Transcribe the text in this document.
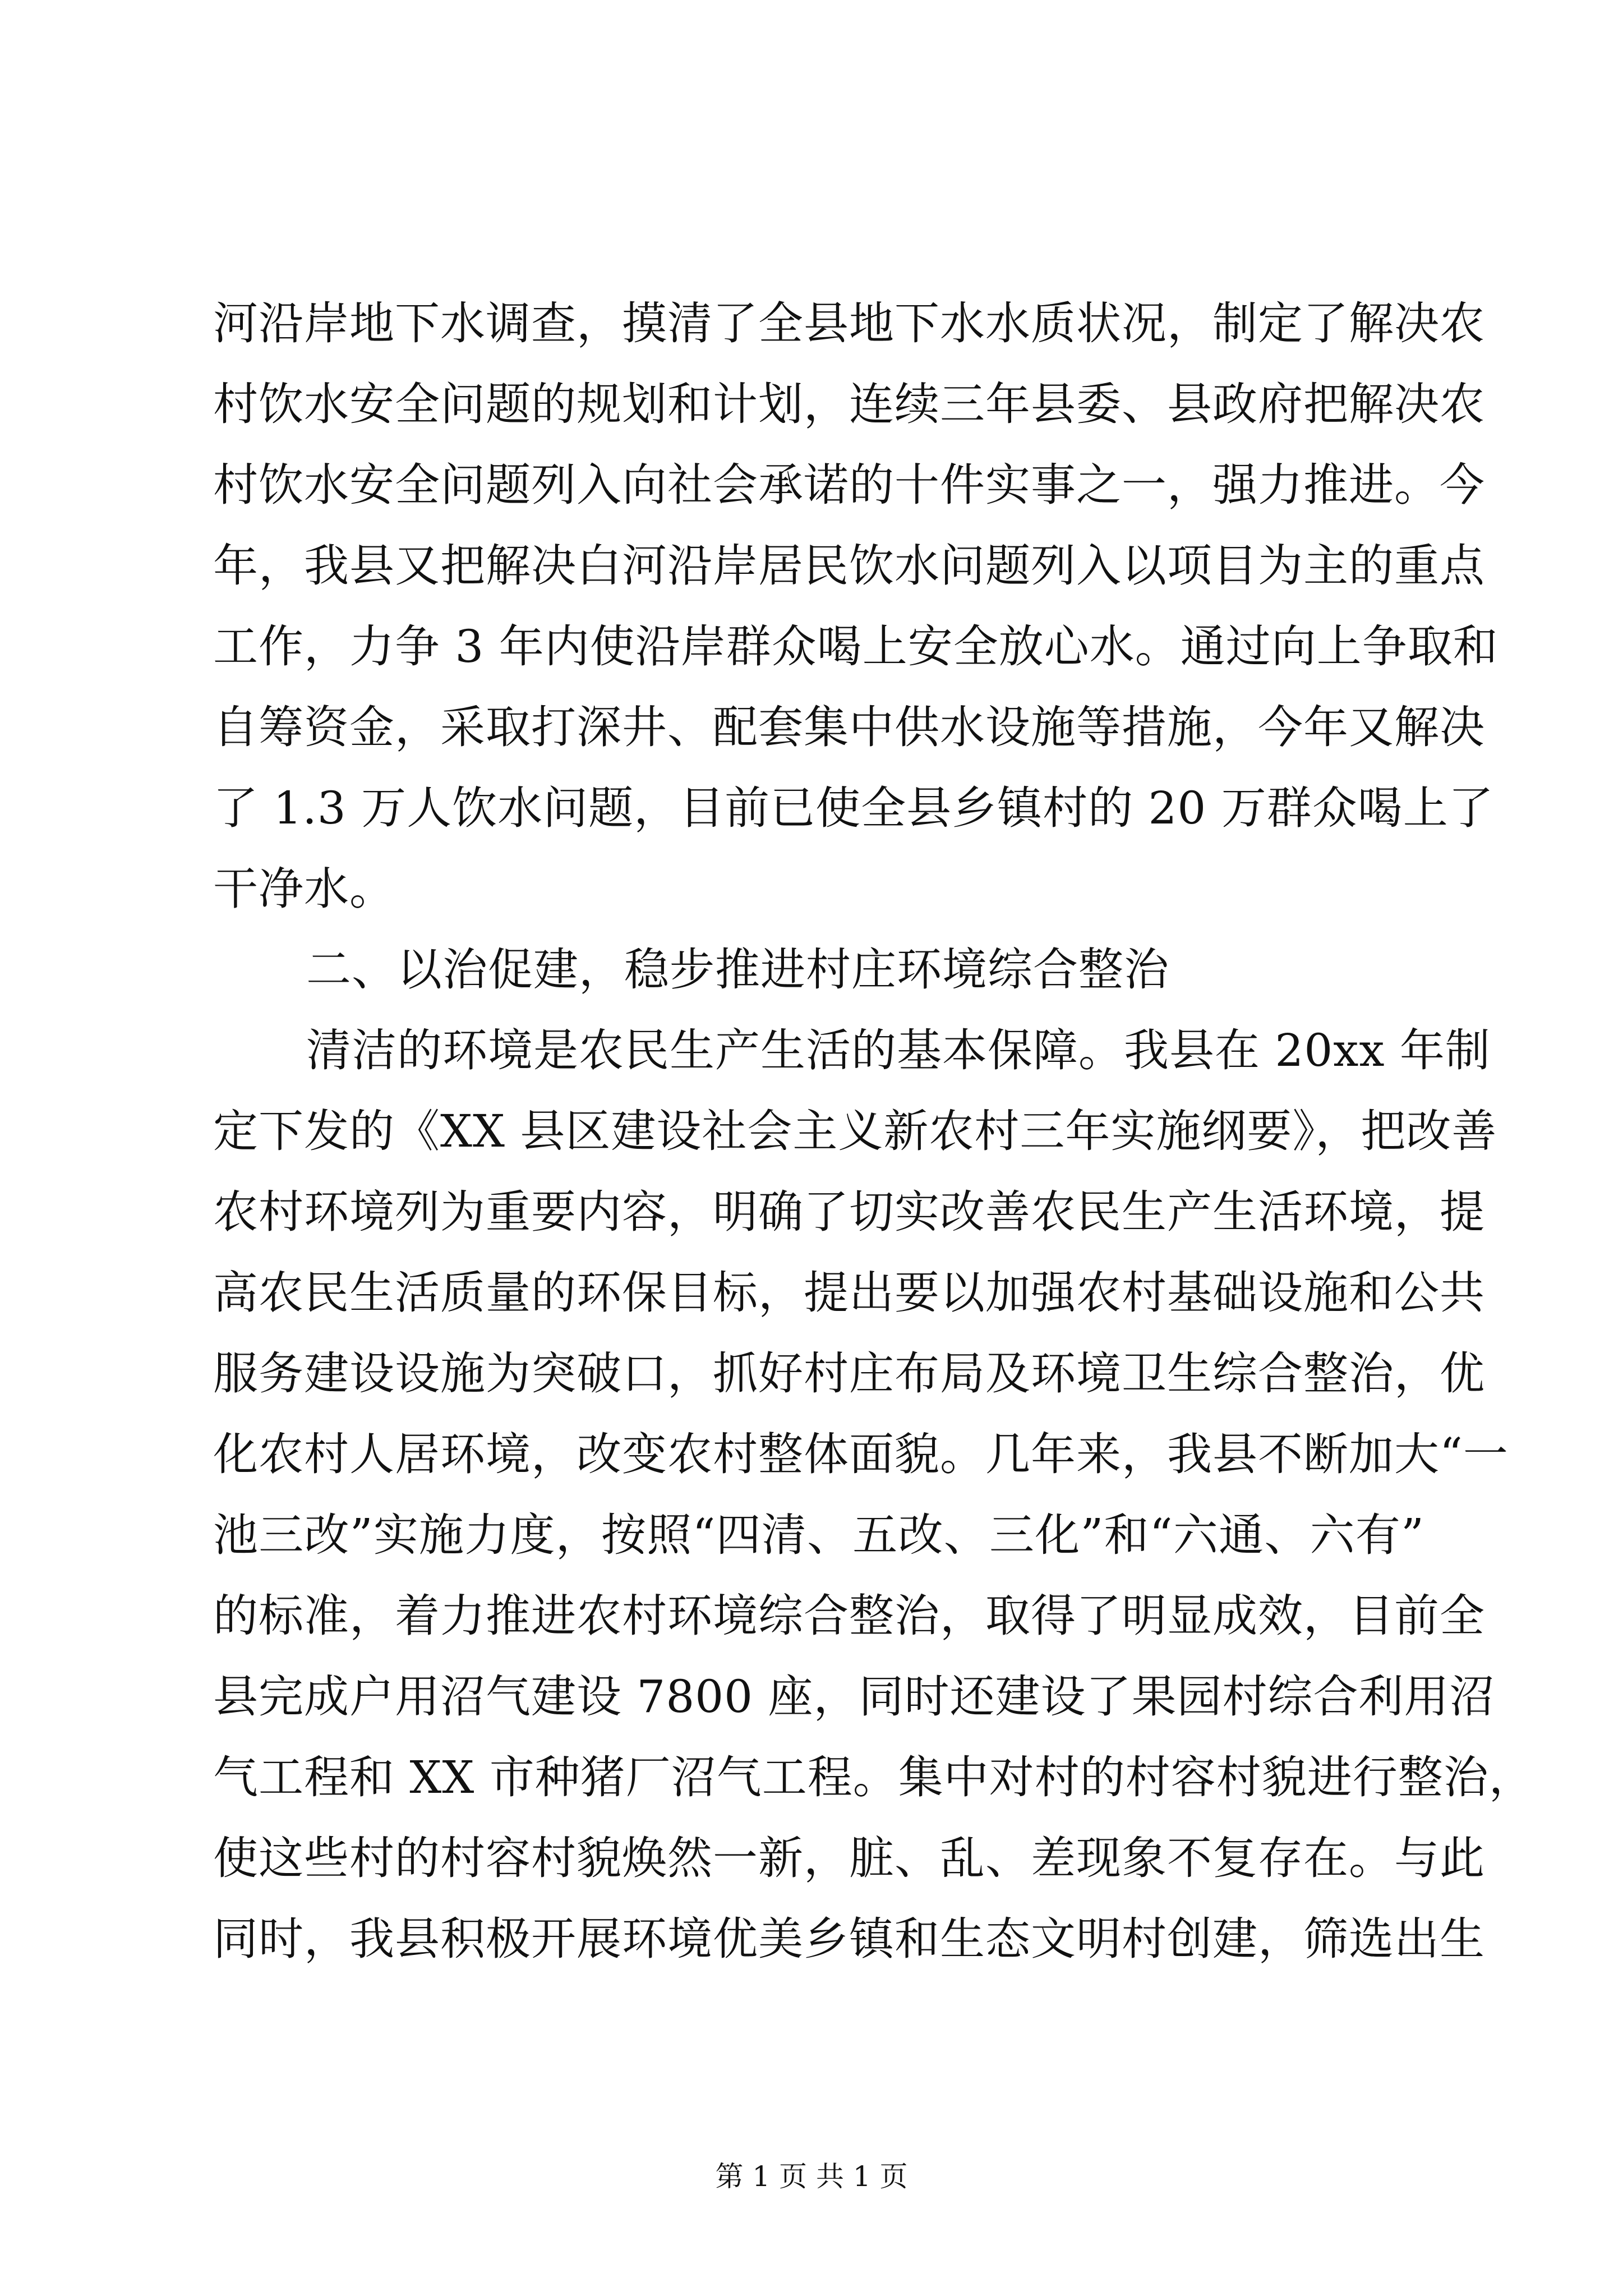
河沿岸地下水调查，摸清了全县地下水水质状况，制定了解决农
村饮水安全问题的规划和计划，连续三年县委、县政府把解决农
村饮水安全问题列入向社会承诺的十件实事之一，强力推进。今
年，我县又把解决白河沿岸居民饮水问题列入以项目为主的重点
工作，力争 3 年内使沿岸群众喝上安全放心水。通过向上争取和
自筹资金，采取打深井、配套集中供水设施等措施，今年又解决
了 1.3 万人饮水问题，目前已使全县乡镇村的 20 万群众喝上了
干净水。
二、以治促建，稳步推进村庄环境综合整治
清洁的环境是农民生产生活的基本保障。我县在 20xx 年制
定下发的《XX 县区建设社会主义新农村三年实施纲要》，把改善
农村环境列为重要内容，明确了切实改善农民生产生活环境，提
高农民生活质量的环保目标，提出要以加强农村基础设施和公共
服务建设设施为突破口，抓好村庄布局及环境卫生综合整治，优
化农村人居环境，改变农村整体面貌。几年来，我县不断加大“一
池三改”实施力度，按照“四清、五改、三化”和“六通、六有”
的标准，着力推进农村环境综合整治，取得了明显成效，目前全
县完成户用沼气建设 7800 座，同时还建设了果园村综合利用沼
气工程和 XX 市种猪厂沼气工程。集中对村的村容村貌进行整治，
使这些村的村容村貌焕然一新，脏、乱、差现象不复存在。与此
同时，我县积极开展环境优美乡镇和生态文明村创建，筛选出生
第 1 页 共 1 页
